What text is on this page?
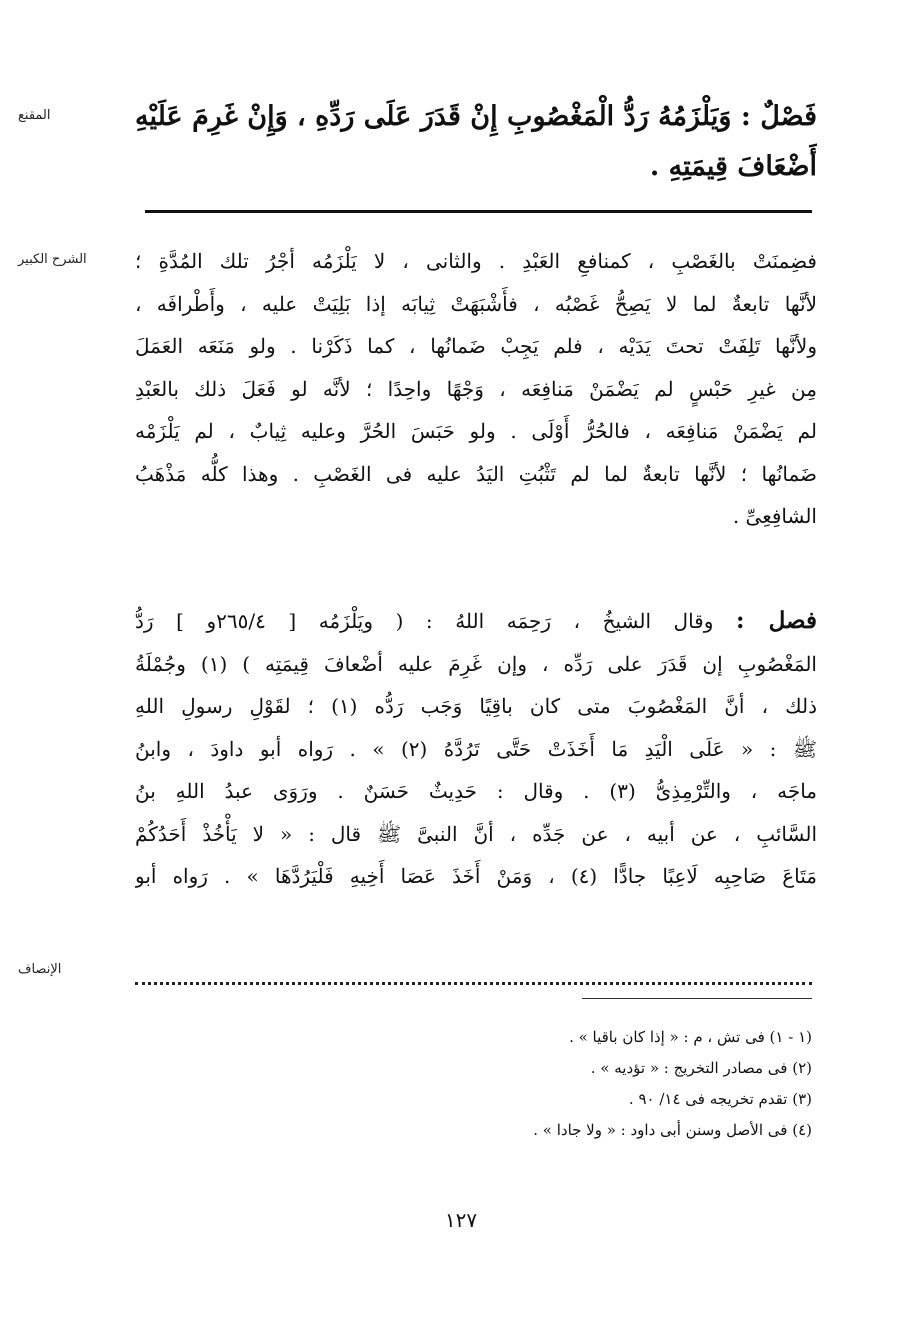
المقنع
الشرح الكبير
الإنصاف
فَصْلٌ : وَيَلْزَمُهُ رَدُّ الْمَغْصُوبِ إِنْ قَدَرَ عَلَى رَدِّهِ ، وَإِنْ غَرِمَ عَلَيْهِ
أَضْعَافَ قِيمَتِهِ .
فضِمنَتْ بالغَصْبِ ، كمنافعِ العَبْدِ . والثانى ، لا يَلْزَمُه أجْرُ تلك المُدَّةِ ؛
لأنَّها تابعةٌ لما لا يَصِحُّ غَصْبُه ، فأَشْبَهَتْ ثِيابَه إذا بَلِيَتْ عليه ، وأَطْرافَه ،
ولأنَّها تَلِفَتْ تحتَ يَدَيْه ، فلم يَجِبْ ضَمانُها ، كما ذَكَرْنا . ولو مَنَعَه العَمَلَ
مِن غيرِ حَبْسٍ لم يَضْمَنْ مَنافِعَه ، وَجْهًا واحِدًا ؛ لأنَّه لو فَعَلَ ذلك بالعَبْدِ
لم يَضْمَنْ مَنافِعَه ، فالحُرُّ أَوْلَى . ولو حَبَسَ الحُرَّ وعليه ثِيابٌ ، لم يَلْزَمْه
ضَمانُها ؛ لأنَّها تابعةٌ لما لم تَثْبُتِ اليَدُ عليه فى الغَصْبِ . وهذا كلُّه مَذْهَبُ
الشافِعِىِّ .
فصل : وقال الشيخُ ، رَحِمَه اللهُ : ( ويَلْزَمُه [ ٢٦٥/٤و ] رَدُّ
المَغْصُوبِ إن قَدَرَ على رَدِّه ، وإن غَرِمَ عليه أضْعافَ قِيمَتِه ) (١) وجُمْلَةُ
ذلك ، أنَّ المَغْصُوبَ متى كان باقِيًا وَجَب رَدُّه (١) ؛ لقَوْلِ رسولِ اللهِ
ﷺ : « عَلَى الْيَدِ مَا أَخَذَتْ حَتَّى تَرُدَّهُ (٢) » . رَواه أبو داودَ ، وابنُ
ماجَه ، والتِّرْمِذِىُّ (٣) . وقال : حَدِيثٌ حَسَنٌ . ورَوَى عبدُ اللهِ بنُ
السَّائبِ ، عن أبيه ، عن جَدِّه ، أنَّ النبىَّ ﷺ قال : « لا يَأْخُذْ أَحَدُكُمْ
مَتَاعَ صَاحِبِه لَاعِبًا جادًّا (٤) ، وَمَنْ أَخَذَ عَصَا أَخِيهِ فَلْيَرُدَّهَا » . رَواه أبو
(١ - ١) فى تش ، م : « إذا كان باقيا » .
(٢) فى مصادر التخريج : « تؤديه » .
(٣) تقدم تخريجه فى ١٤/ ٩٠ .
(٤) فى الأصل وسنن أبى داود : « ولا جادا » .
١٢٧
